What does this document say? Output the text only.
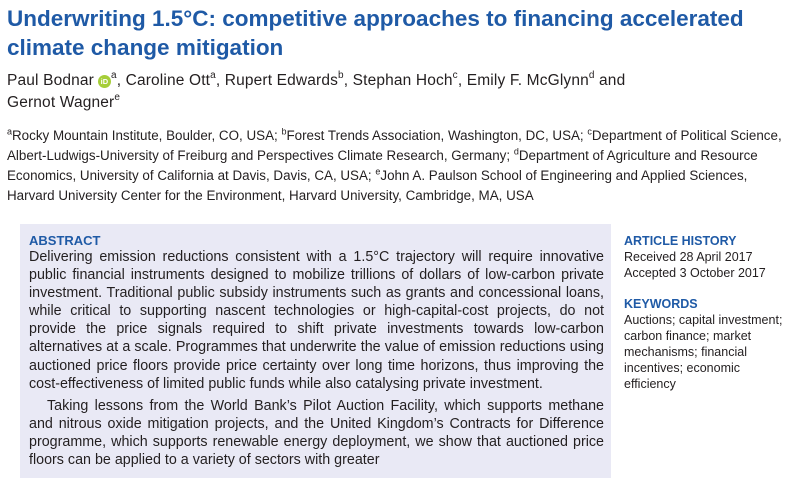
Underwriting 1.5°C: competitive approaches to financing accelerated climate change mitigation
Paul Bodnar $iD^a$, Caroline Ott$^a$, Rupert Edwards$^b$, Stephan Hoch$^c$, Emily F. McGlynn$^d$ and
Gernot Wagner$^e$
$^a$Rocky Mountain Institute, Boulder, CO, USA; $^b$Forest Trends Association, Washington, DC, USA; $^c$Department of Political Science, Albert-Ludwigs-University of Freiburg and Perspectives Climate Research, Germany; $^d$Department of Agriculture and Resource Economics, University of California at Davis, Davis, CA, USA; $^e$John A. Paulson School of Engineering and Applied Sciences, Harvard University Center for the Environment, Harvard University, Cambridge, MA, USA
ABSTRACT

Delivering emission reductions consistent with a 1.5°C trajectory will require innovative public financial instruments designed to mobilize trillions of dollars of low-carbon private investment. Traditional public subsidy instruments such as grants and concessional loans, while critical to supporting nascent technologies or high-capital-cost projects, do not provide the price signals required to shift private investments towards low-carbon alternatives at a scale. Programmes that underwrite the value of emission reductions using auctioned price floors provide price certainty over long time horizons, thus improving the cost-effectiveness of limited public funds while also catalysing private investment.

Taking lessons from the World Bank’s Pilot Auction Facility, which supports methane and nitrous oxide mitigation projects, and the United Kingdom’s Contracts for Difference programme, which supports renewable energy deployment, we show that auctioned price floors can be applied to a variety of sectors with greater

ARTICLE HISTORY
Received 28 April 2017
Accepted 3 October 2017
KEYWORDS
Auctions; capital investment; carbon finance; market mechanisms; financial incentives; economic efficiency
